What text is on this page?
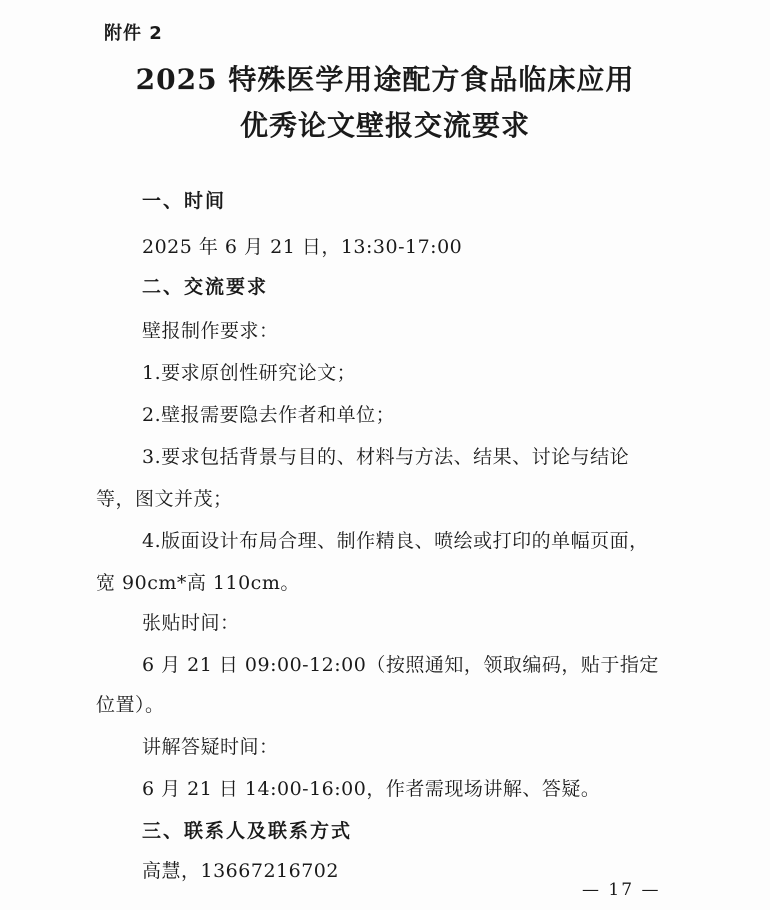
附件 2
2025 特殊医学用途配方食品临床应用
优秀论文壁报交流要求
一、时间
2025 年 6 月 21 日，13:30-17:00
二、交流要求
壁报制作要求：
1.要求原创性研究论文；
2.壁报需要隐去作者和单位；
3.要求包括背景与目的、材料与方法、结果、讨论与结论
等，图文并茂；
4.版面设计布局合理、制作精良、喷绘或打印的单幅页面，
宽 90cm*高 110cm。
张贴时间：
6 月 21 日 09:00-12:00（按照通知，领取编码，贴于指定
位置）。
讲解答疑时间：
6 月 21 日 14:00-16:00，作者需现场讲解、答疑。
三、联系人及联系方式
高慧，13667216702
— 17 —
